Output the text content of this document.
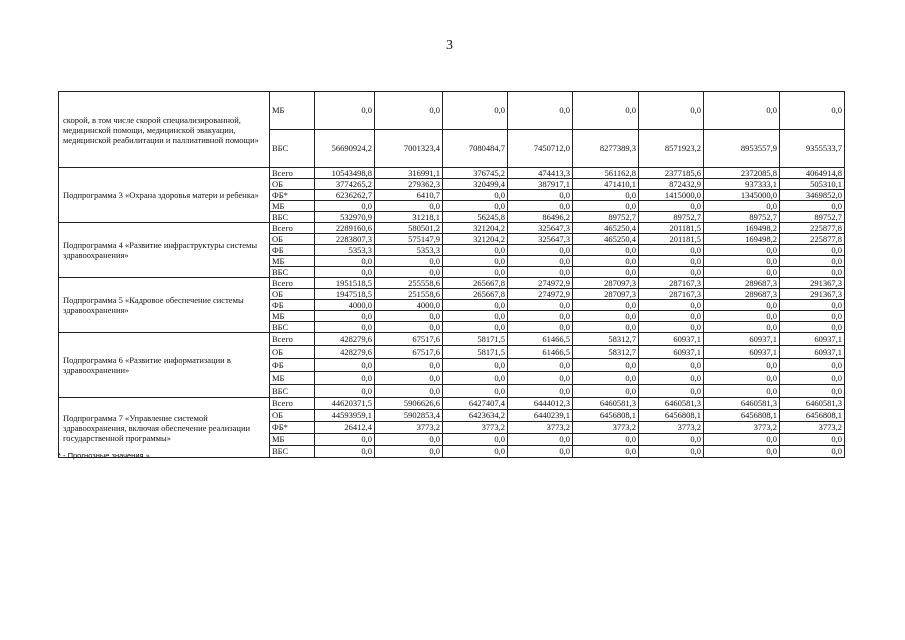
3
скорой, в том числе скорой специализированной, медицинской помощи, медицинской эвакуации, медицинской реабилитации и паллиативной помощи»	МБ	0,0	0,0	0,0	0,0	0,0	0,0	0,0	0,0
	ВБС	56690924,2	7001323,4	7080484,7	7450712,0	8277389,3	8571923,2	8953557,9	9355533,7
Подпрограмма 3 «Охрана здоровья матери и ребенка»	Всего	10543498,8	316991,1	376745,2	474413,3	561162,8	2377185,6	2372085,8	4064914,8
	ОБ	3774265,2	279362,3	320499,4	387917,1	471410,1	872432,9	937333,1	505310,1
	ФБ*	6236262,7	6410,7	0,0	0,0	0,0	1415000,0	1345000,0	3469852,0
	МБ	0,0	0,0	0,0	0,0	0,0	0,0	0,0	0,0
	ВБС	532970,9	31218,1	56245,8	86496,2	89752,7	89752,7	89752,7	89752,7
Подпрограмма 4 «Развитие инфраструктуры системы здравоохранения»	Всего	2289160,6	580501,2	321204,2	325647,3	465250,4	201181,5	169498,2	225877,8
	ОБ	2283807,3	575147,9	321204,2	325647,3	465250,4	201181,5	169498,2	225877,8
	ФБ	5353,3	5353,3	0,0	0,0	0,0	0,0	0,0	0,0
	МБ	0,0	0,0	0,0	0,0	0,0	0,0	0,0	0,0
	ВБС	0,0	0,0	0,0	0,0	0,0	0,0	0,0	0,0
Подпрограмма 5 «Кадровое обеспечение системы здравоохранения»	Всего	1951518,5	255558,6	265667,8	274972,9	287097,3	287167,3	289687,3	291367,3
	ОБ	1947518,5	251558,6	265667,8	274972,9	287097,3	287167,3	289687,3	291367,3
	ФБ	4000,0	4000,0	0,0	0,0	0,0	0,0	0,0	0,0
	МБ	0,0	0,0	0,0	0,0	0,0	0,0	0,0	0,0
	ВБС	0,0	0,0	0,0	0,0	0,0	0,0	0,0	0,0
Подпрограмма 6 «Развитие информатизации в здравоохранении»	Всего	428279,6	67517,6	58171,5	61466,5	58312,7	60937,1	60937,1	60937,1
	ОБ	428279,6	67517,6	58171,5	61466,5	58312,7	60937,1	60937,1	60937,1
	ФБ	0,0	0,0	0,0	0,0	0,0	0,0	0,0	0,0
	МБ	0,0	0,0	0,0	0,0	0,0	0,0	0,0	0,0
	ВБС	0,0	0,0	0,0	0,0	0,0	0,0	0,0	0,0
Подпрограмма 7 «Управление системой здравоохранения, включая обеспечение реализации государственной программы»	Всего	44620371,5	5906626,6	6427407,4	6444012,3	6460581,3	6460581,3	6460581,3	6460581,3
	ОБ	44593959,1	5902853,4	6423634,2	6440239,1	6456808,1	6456808,1	6456808,1	6456808,1
	ФБ*	26412,4	3773,2	3773,2	3773,2	3773,2	3773,2	3773,2	3773,2
	МБ	0,0	0,0	0,0	0,0	0,0	0,0	0,0	0,0
	ВБС	0,0	0,0	0,0	0,0	0,0	0,0	0,0	0,0
* - Прогнозные значения »
